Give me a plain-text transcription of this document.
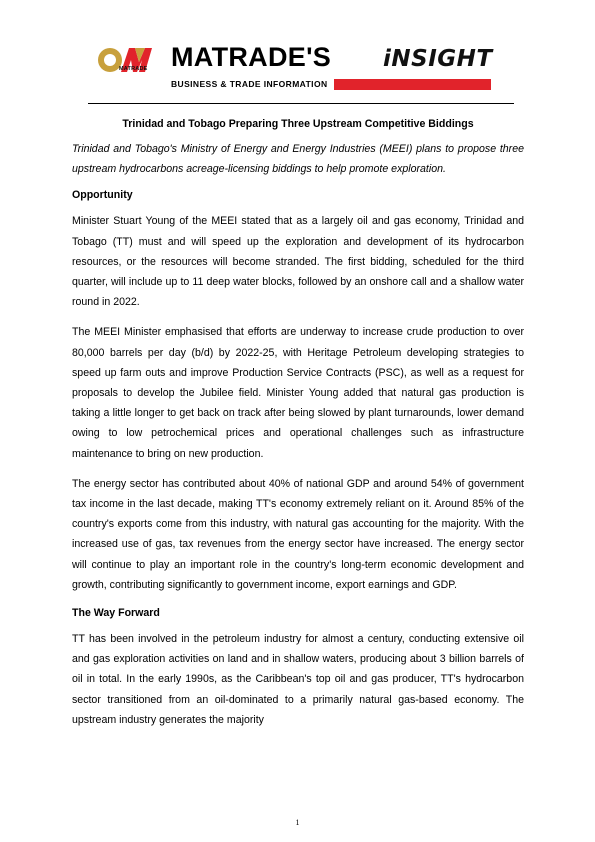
MATRADE MATRADE'S iNSIGHT
BUSINESS & TRADE INFORMATION

Trinidad and Tobago Preparing Three Upstream Competitive Biddings

Trinidad and Tobago's Ministry of Energy and Energy Industries (MEEI) plans to propose three upstream hydrocarbons acreage-licensing biddings to help promote exploration.

Opportunity

Minister Stuart Young of the MEEI stated that as a largely oil and gas economy, Trinidad and Tobago (TT) must and will speed up the exploration and development of its hydrocarbon resources, or the resources will become stranded. The first bidding, scheduled for the third quarter, will include up to 11 deep water blocks, followed by an onshore call and a shallow water round in 2022.

The MEEI Minister emphasised that efforts are underway to increase crude production to over 80,000 barrels per day (b/d) by 2022-25, with Heritage Petroleum developing strategies to speed up farm outs and improve Production Service Contracts (PSC), as well as a request for proposals to develop the Jubilee field. Minister Young added that natural gas production is taking a little longer to get back on track after being slowed by plant turnarounds, lower demand owing to low petrochemical prices and operational challenges such as infrastructure maintenance to bring on new production.

The energy sector has contributed about 40% of national GDP and around 54% of government tax income in the last decade, making TT's economy extremely reliant on it. Around 85% of the country's exports come from this industry, with natural gas accounting for the majority. With the increased use of gas, tax revenues from the energy sector have increased. The energy sector will continue to play an important role in the country's long-term economic development and growth, contributing significantly to government income, export earnings and GDP.

The Way Forward

TT has been involved in the petroleum industry for almost a century, conducting extensive oil and gas exploration activities on land and in shallow waters, producing about 3 billion barrels of oil in total. In the early 1990s, as the Caribbean's top oil and gas producer, TT's hydrocarbon sector transitioned from an oil-dominated to a primarily natural gas-based economy. The upstream industry generates the majority

1
